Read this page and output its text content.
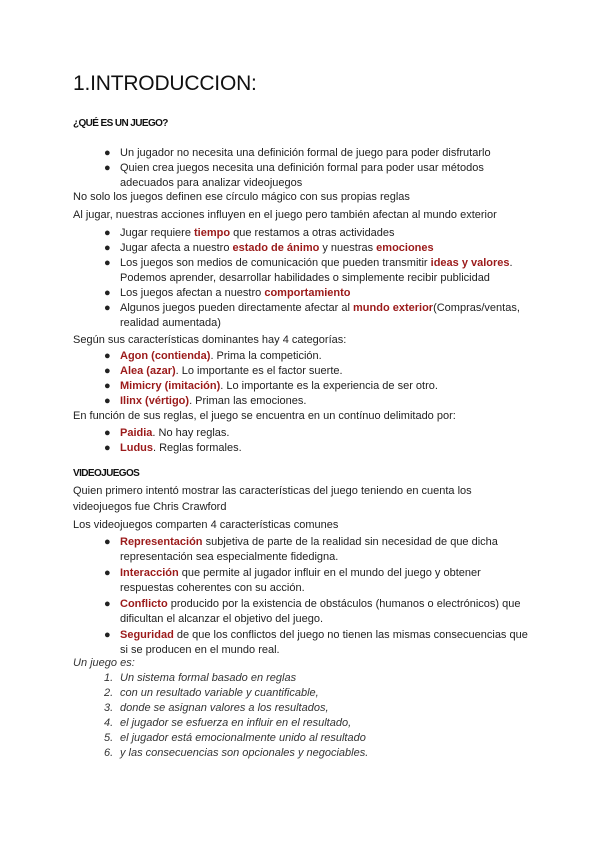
1.INTRODUCCION:
¿QUÉ ES UN JUEGO?
● Un jugador no necesita una definición formal de juego para poder disfrutarlo
● Quien crea juegos necesita una definición formal para poder usar métodos adecuados para analizar videojuegos

No solo los juegos definen ese círculo mágico con sus propias reglas

Al jugar, nuestras acciones influyen en el juego pero también afectan al mundo exterior

● Jugar requiere tiempo que restamos a otras actividades
● Jugar afecta a nuestro estado de ánimo y nuestras emociones
● Los juegos son medios de comunicación que pueden transmitir ideas y valores. Podemos aprender, desarrollar habilidades o simplemente recibir publicidad
● Los juegos afectan a nuestro comportamiento
● Algunos juegos pueden directamente afectar al mundo exterior(Compras/ventas, realidad aumentada)

Según sus características dominantes hay 4 categorías:

● Agon (contienda). Prima la competición.
● Alea (azar). Lo importante es el factor suerte.
● Mimicry (imitación). Lo importante es la experiencia de ser otro.
● Ilinx (vértigo). Priman las emociones.

En función de sus reglas, el juego se encuentra en un contínuo delimitado por:

● Paidia. No hay reglas.
● Ludus. Reglas formales.
VIDEOJUEGOS

Quien primero intentó mostrar las características del juego teniendo en cuenta los

videojuegos fue Chris Crawford

Los videojuegos comparten 4 características comunes

● Representación subjetiva de parte de la realidad sin necesidad de que dicha representación sea especialmente fidedigna.
● Interacción que permite al jugador influir en el mundo del juego y obtener respuestas coherentes con su acción.
● Conflicto producido por la existencia de obstáculos (humanos o electrónicos) que dificultan el alcanzar el objetivo del juego.
● Seguridad de que los conflictos del juego no tienen las mismas consecuencias que si se producen en el mundo real.

Un juego es:

1. Un sistema formal basado en reglas
2. con un resultado variable y cuantificable,
3. donde se asignan valores a los resultados,
4. el jugador se esfuerza en influir en el resultado,
5. el jugador está emocionalmente unido al resultado
6. y las consecuencias son opcionales y negociables.
